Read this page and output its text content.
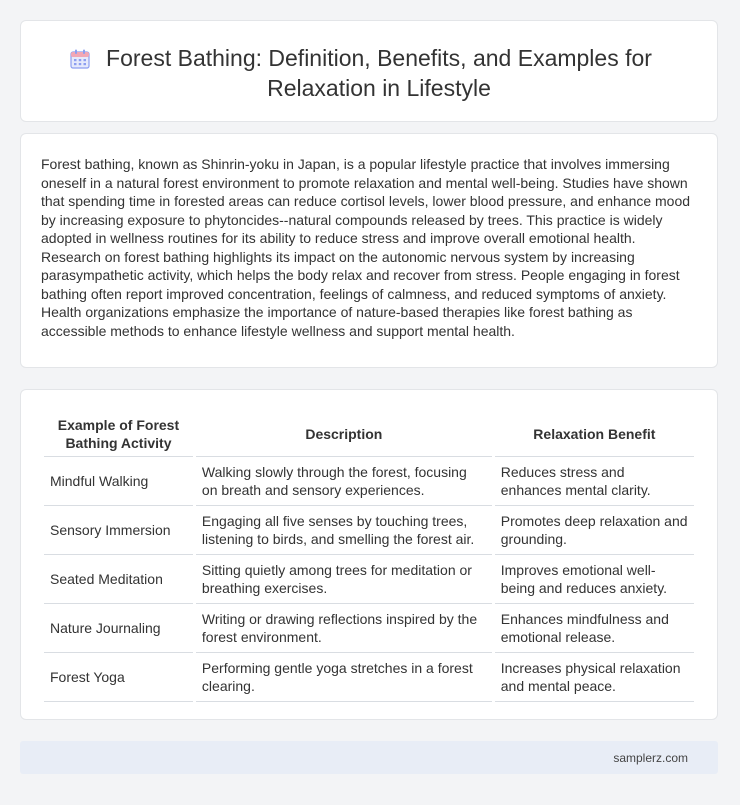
Forest Bathing: Definition, Benefits, and Examples for Relaxation in Lifestyle

Forest bathing, known as Shinrin-yoku in Japan, is a popular lifestyle practice that involves immersing oneself in a natural forest environment to promote relaxation and mental well-being. Studies have shown that spending time in forested areas can reduce cortisol levels, lower blood pressure, and enhance mood by increasing exposure to phytoncides--natural compounds released by trees. This practice is widely adopted in wellness routines for its ability to reduce stress and improve overall emotional health. Research on forest bathing highlights its impact on the autonomic nervous system by increasing parasympathetic activity, which helps the body relax and recover from stress. People engaging in forest bathing often report improved concentration, feelings of calmness, and reduced symptoms of anxiety. Health organizations emphasize the importance of nature-based therapies like forest bathing as accessible methods to enhance lifestyle wellness and support mental health.

Example of Forest Bathing Activity	Description	Relaxation Benefit
Mindful Walking	Walking slowly through the forest, focusing on breath and sensory experiences.	Reduces stress and enhances mental clarity.
Sensory Immersion	Engaging all five senses by touching trees, listening to birds, and smelling the forest air.	Promotes deep relaxation and grounding.
Seated Meditation	Sitting quietly among trees for meditation or breathing exercises.	Improves emotional well-being and reduces anxiety.
Nature Journaling	Writing or drawing reflections inspired by the forest environment.	Enhances mindfulness and emotional release.
Forest Yoga	Performing gentle yoga stretches in a forest clearing.	Increases physical relaxation and mental peace.
samplerz.com
